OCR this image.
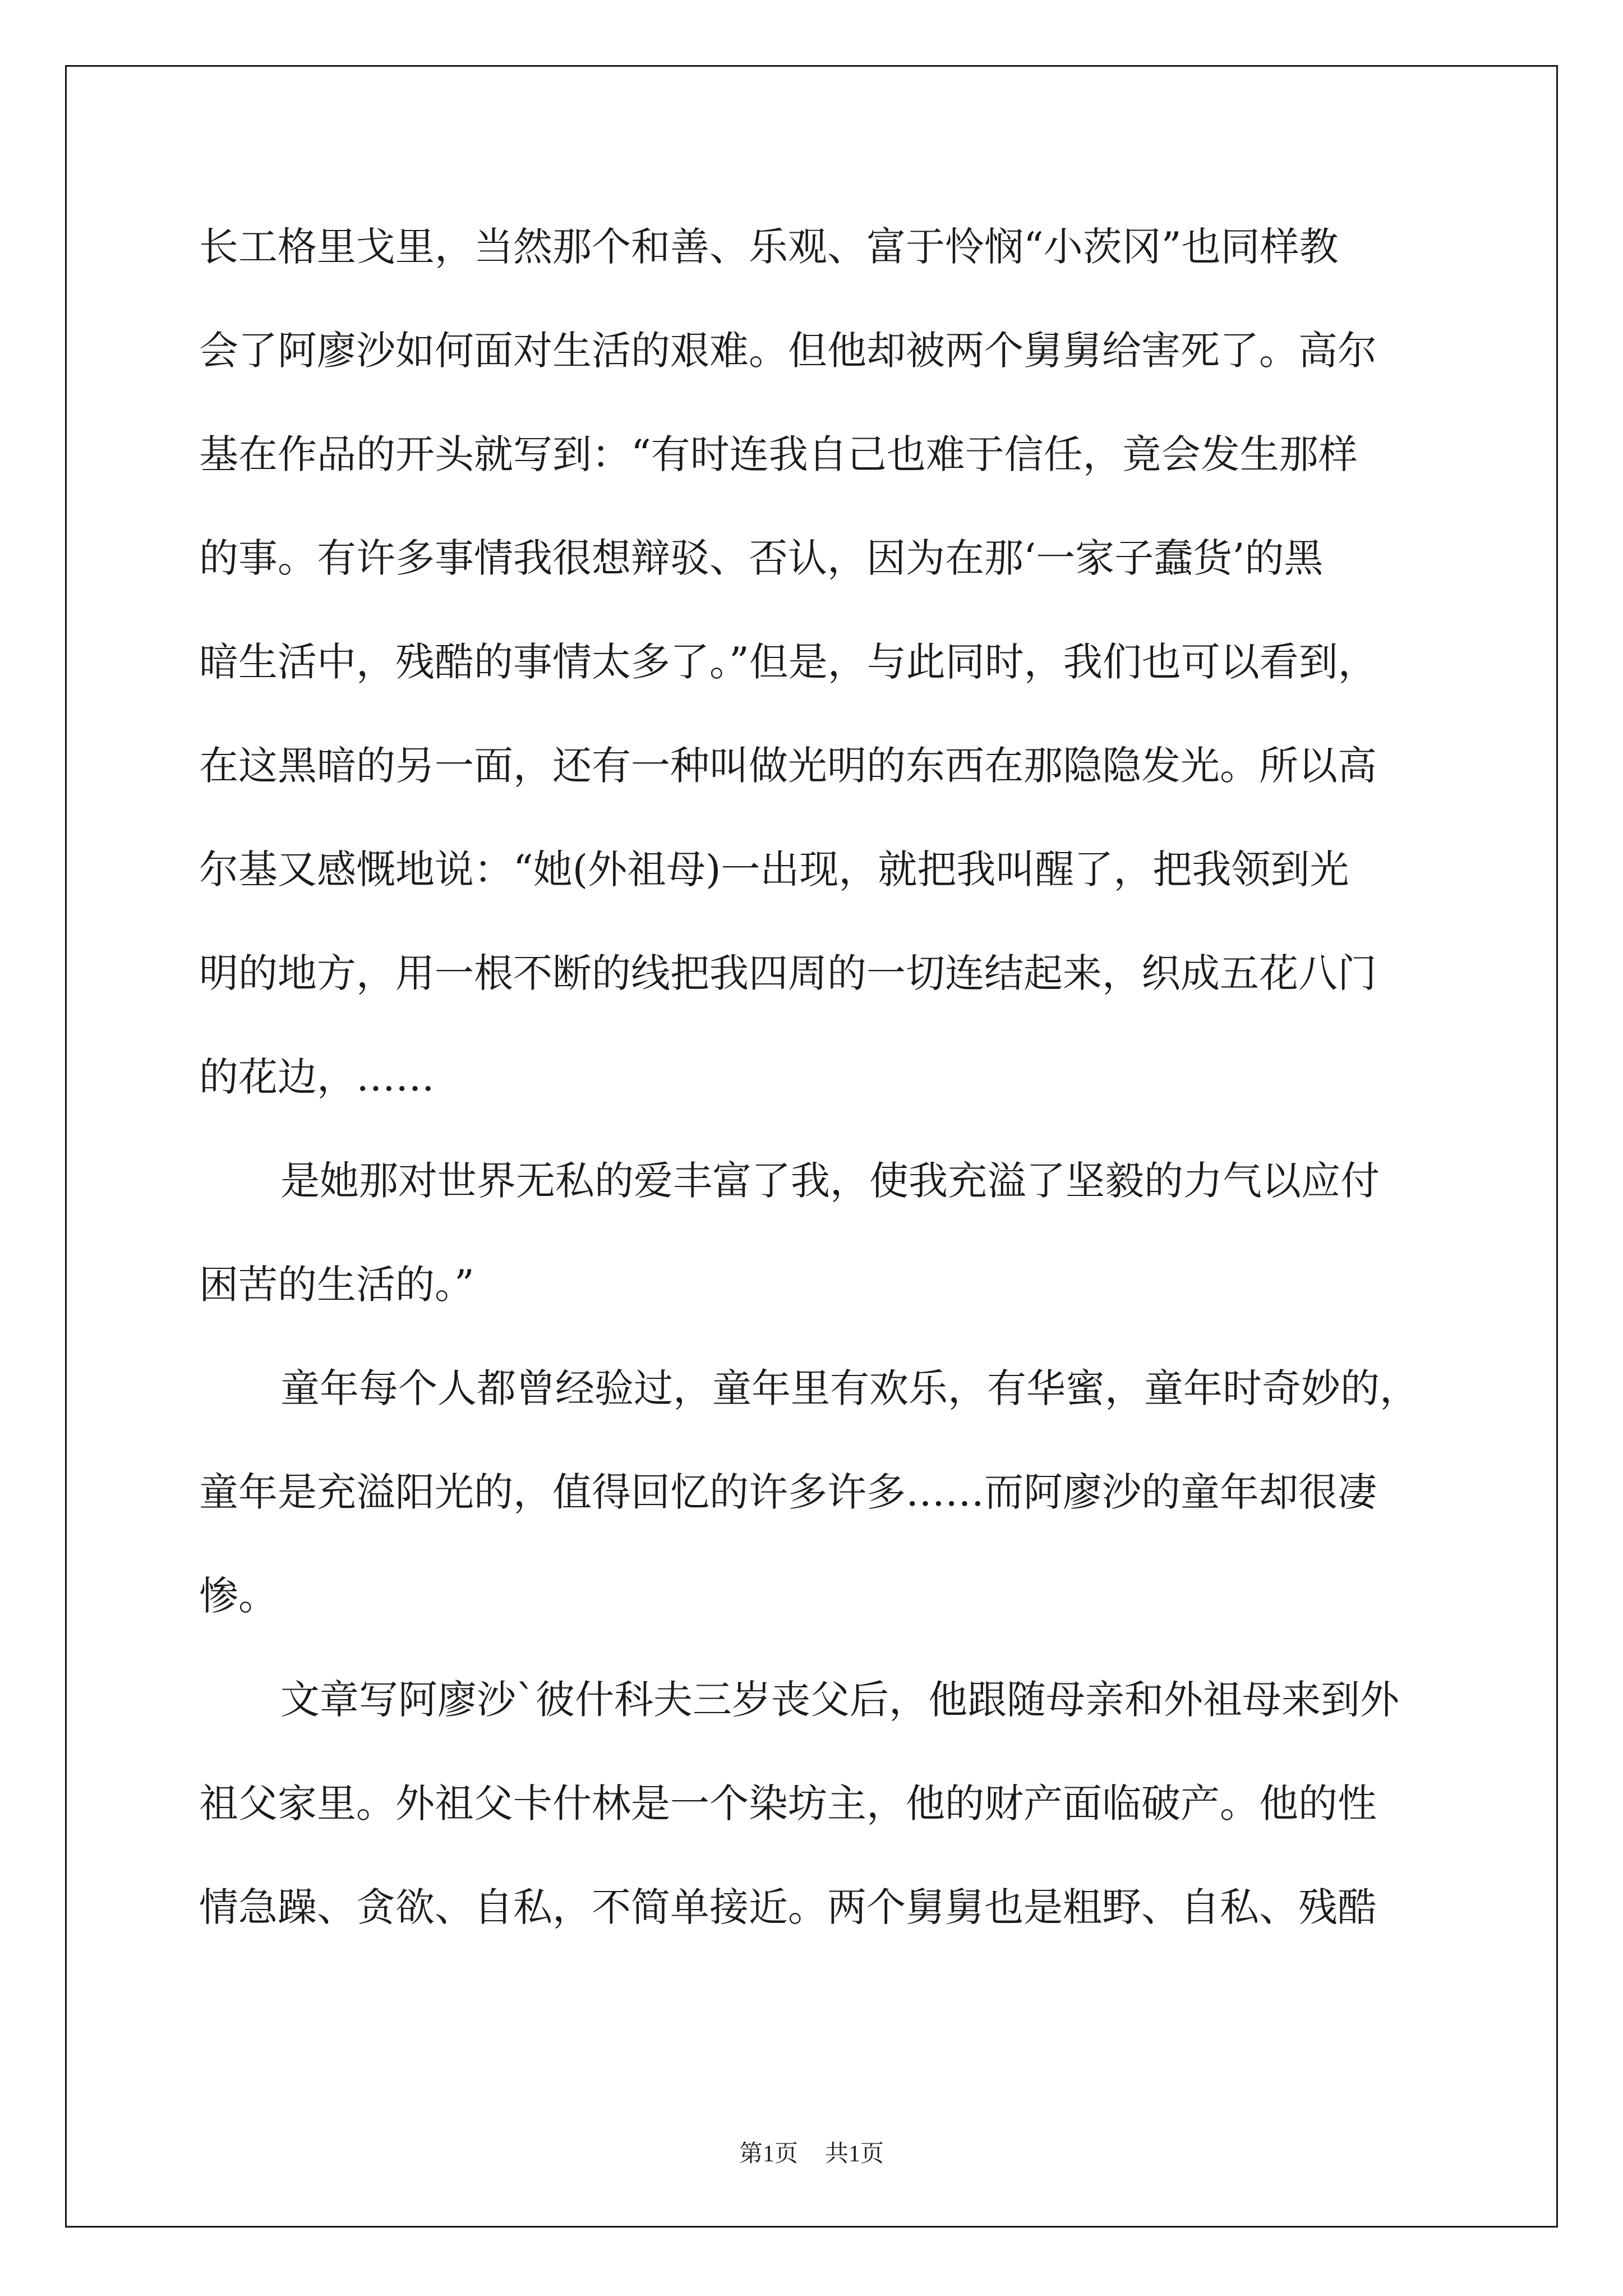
长工格里戈里，当然那个和善、乐观、富于怜悯“小茨冈”也同样教

会了阿廖沙如何面对生活的艰难。但他却被两个舅舅给害死了。高尔

基在作品的开头就写到：“有时连我自己也难于信任，竟会发生那样

的事。有许多事情我很想辩驳、否认，因为在那‘一家子蠢货’的黑

暗生活中，残酷的事情太多了。”但是，与此同时，我们也可以看到，

在这黑暗的另一面，还有一种叫做光明的东西在那隐隐发光。所以高

尔基又感慨地说：“她(外祖母)一出现，就把我叫醒了，把我领到光

明的地方，用一根不断的线把我四周的一切连结起来，织成五花八门

的花边，……

是她那对世界无私的爱丰富了我，使我充溢了坚毅的力气以应付

困苦的生活的。”

童年每个人都曾经验过，童年里有欢乐，有华蜜，童年时奇妙的，

童年是充溢阳光的，值得回忆的许多许多……而阿廖沙的童年却很凄

惨。

文章写阿廖沙`彼什科夫三岁丧父后，他跟随母亲和外祖母来到外

祖父家里。外祖父卡什林是一个染坊主，他的财产面临破产。他的性

情急躁、贪欲、自私，不简单接近。两个舅舅也是粗野、自私、残酷

第1页 共1页
